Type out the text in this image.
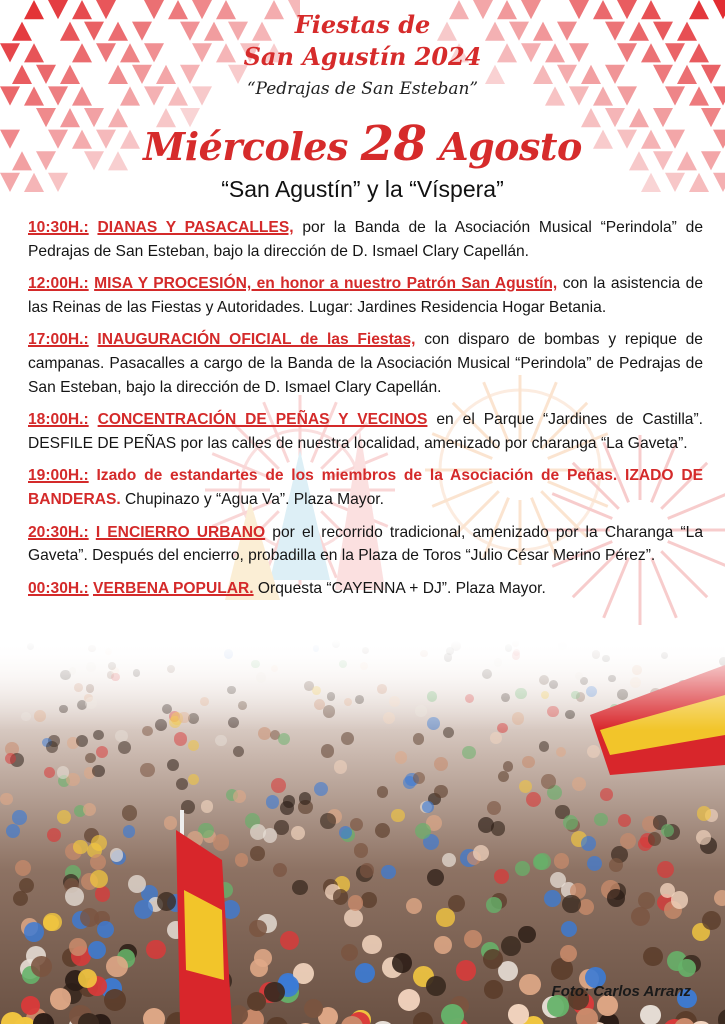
Fiestas de
San Agustín 2024
“Pedrajas de San Esteban”
Miércoles 28 Agosto
“San Agustín” y la “Víspera”

10:30H.: DIANAS Y PASACALLES, por la Banda de la Asociación Musical “Perindola” de Pedrajas de San Esteban, bajo la dirección de D. Ismael Clary Capellán.

12:00H.: MISA Y PROCESIÓN, en honor a nuestro Patrón San Agustín, con la asistencia de las Reinas de las Fiestas y Autoridades. Lugar: Jardines Residencia Hogar Betania.

17:00H.: INAUGURACIÓN OFICIAL de las Fiestas, con disparo de bombas y repique de campanas. Pasacalles a cargo de la Banda de la Asociación Musical “Perindola” de Pedrajas de San Esteban, bajo la dirección de D. Ismael Clary Capellán.

18:00H.: CONCENTRACIÓN DE PEÑAS Y VECINOS en el Parque “Jardines de Castilla”. DESFILE DE PEÑAS por las calles de nuestra localidad, amenizado por charanga “La Gaveta”.

19:00H.: Izado de estandartes de los miembros de la Asociación de Peñas. IZADO DE BANDERAS. Chupinazo y “Agua Va”. Plaza Mayor.

20:30H.: I ENCIERRO URBANO por el recorrido tradicional, amenizado por la Charanga “La Gaveta”. Después del encierro, probadilla en la Plaza de Toros “Julio César Merino Pérez”.

00:30H.: VERBENA POPULAR. Orquesta “CAYENNA + DJ”. Plaza Mayor.

Foto: Carlos Arranz
